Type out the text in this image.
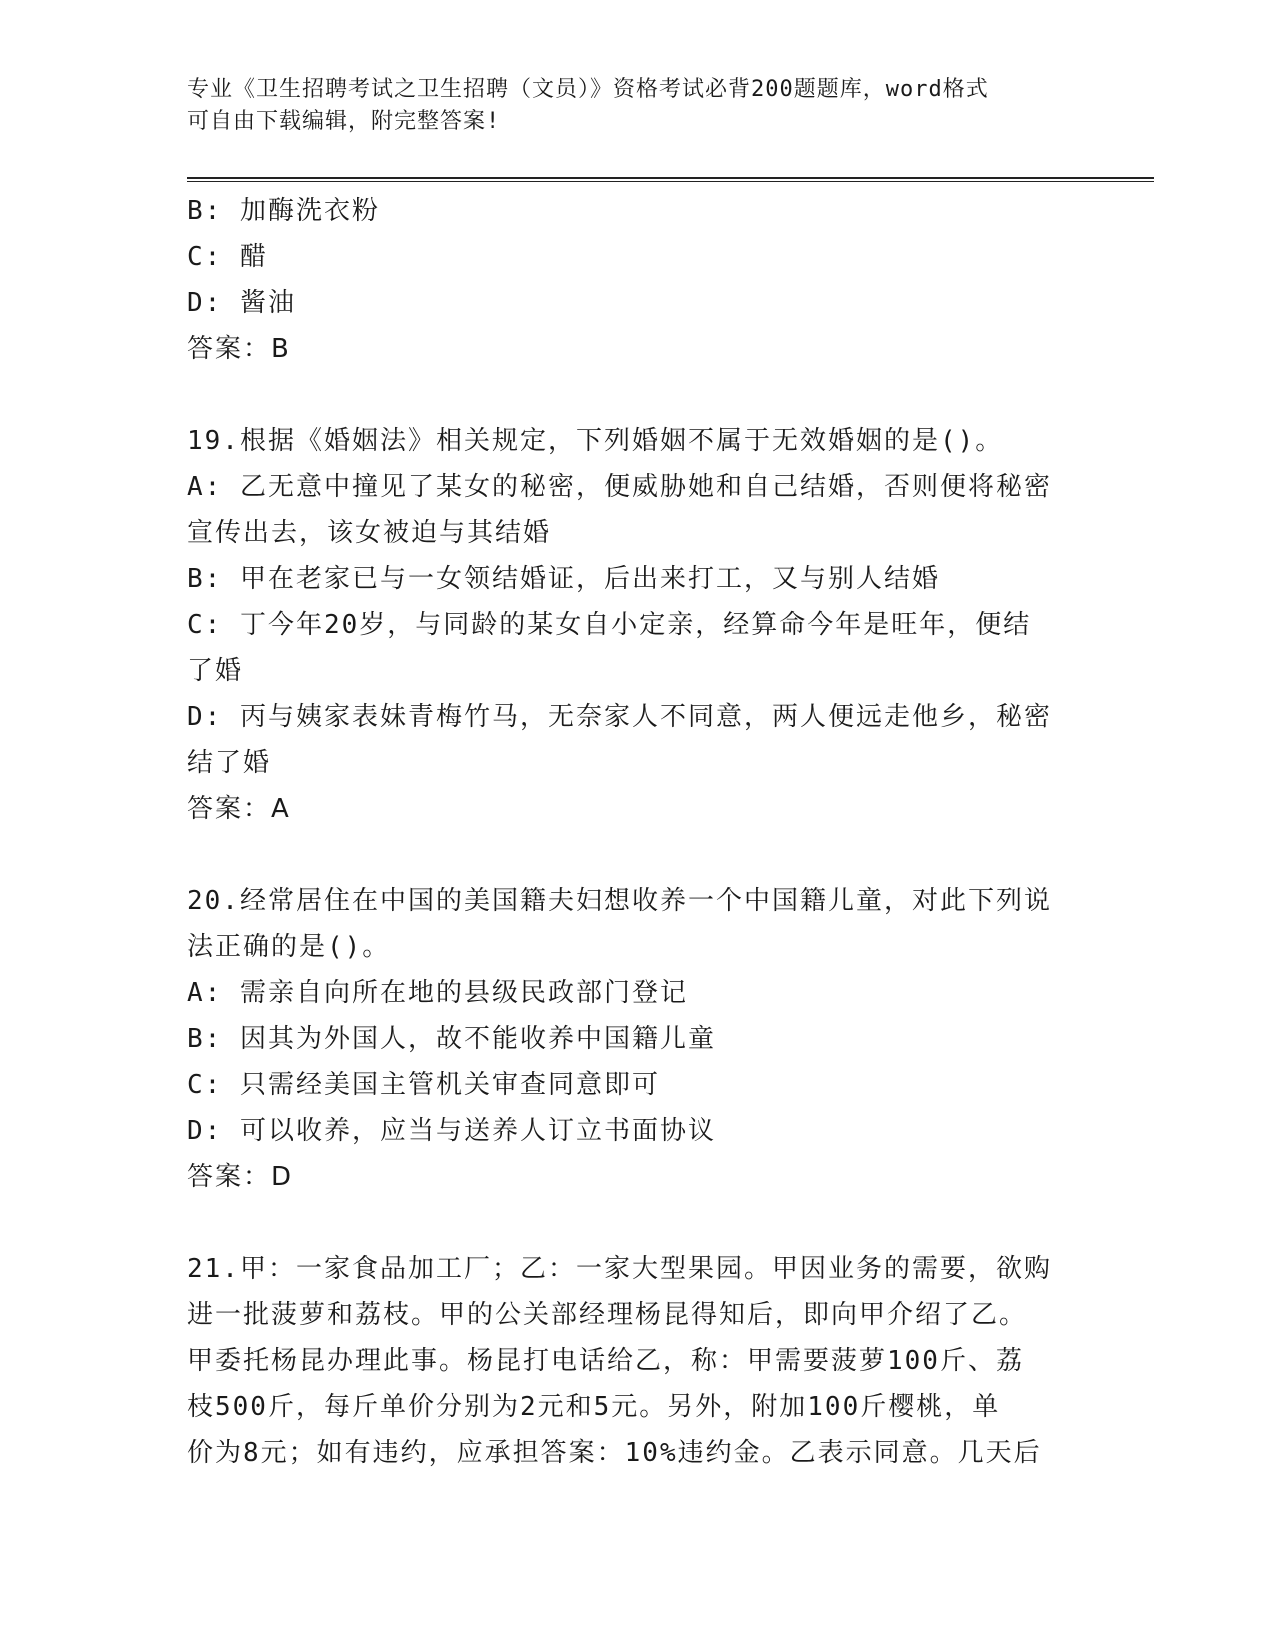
专业《卫生招聘考试之卫生招聘（文员）》资格考试必背200题题库，word格式

可自由下载编辑，附完整答案!

B: 加酶洗衣粉

C: 醋

D: 酱油

答案：B

19.根据《婚姻法》相关规定，下列婚姻不属于无效婚姻的是()。

A: 乙无意中撞见了某女的秘密，便威胁她和自己结婚，否则便将秘密

宣传出去，该女被迫与其结婚

B: 甲在老家已与一女领结婚证，后出来打工，又与别人结婚

C: 丁今年20岁，与同龄的某女自小定亲，经算命今年是旺年，便结

了婚

D: 丙与姨家表妹青梅竹马，无奈家人不同意，两人便远走他乡，秘密

结了婚

答案：A

20.经常居住在中国的美国籍夫妇想收养一个中国籍儿童，对此下列说

法正确的是()。

A: 需亲自向所在地的县级民政部门登记

B: 因其为外国人，故不能收养中国籍儿童

C: 只需经美国主管机关审查同意即可

D: 可以收养，应当与送养人订立书面协议

答案：D

21.甲：一家食品加工厂；乙：一家大型果园。甲因业务的需要，欲购

进一批菠萝和荔枝。甲的公关部经理杨昆得知后，即向甲介绍了乙。

甲委托杨昆办理此事。杨昆打电话给乙，称：甲需要菠萝100斤、荔

枝500斤，每斤单价分别为2元和5元。另外，附加100斤樱桃，单

价为8元；如有违约，应承担答案：10%违约金。乙表示同意。几天后
